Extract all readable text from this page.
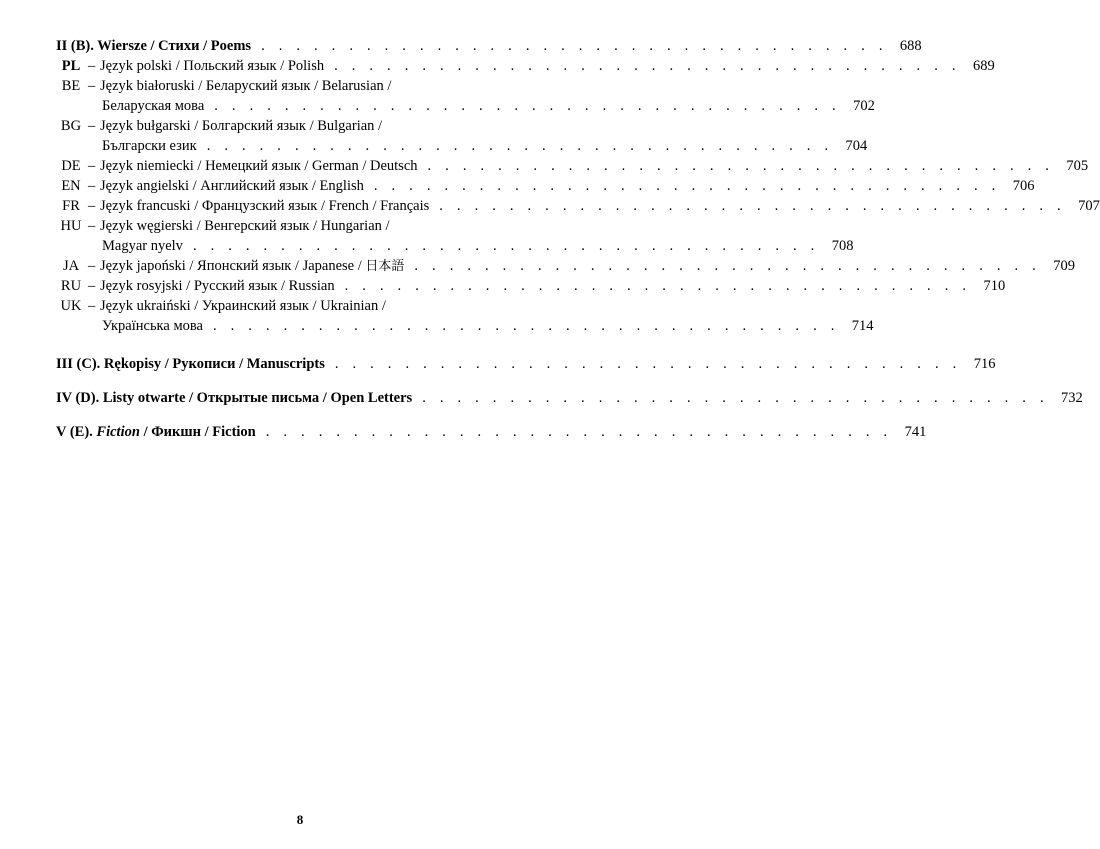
II (B). Wiersze / Стихи / Poems . . . . . . . . . . . . . . . . . . . . . . . . . . . . . . . . . . . . 688
PL – Język polski / Польский язык / Polish . . . . . . . . . . . . . . . . . . . . . . . . . . . . . . . . . . . . 689
BE – Język białoruski / Беларуский язык / Belarusian /
Беларуская мова . . . . . . . . . . . . . . . . . . . . . . . . . . . . . . . . . . . . 702
BG – Język bułgarski / Болгарский язык / Bulgarian /
Български език . . . . . . . . . . . . . . . . . . . . . . . . . . . . . . . . . . . . 704
DE – Język niemiecki / Немецкий язык / German / Deutsch . . . . . . . . . . . . . . . . . . . . . . . . . . . . . . . . . . . . 705
EN – Język angielski / Английский язык / English . . . . . . . . . . . . . . . . . . . . . . . . . . . . . . . . . . . . 706
FR – Język francuski / Французский язык / French / Français . . . . . . . . . . . . . . . . . . . . . . . . . . . . . . . . . . . . 707
HU – Język węgierski / Венгерский язык / Hungarian /
Magyar nyelv . . . . . . . . . . . . . . . . . . . . . . . . . . . . . . . . . . . . 708
JA – Język japoński / Японский язык / Japanese / 日本語 . . . . . . . . . . . . . . . . . . . . . . . . . . . . . . . . . . . . 709
RU – Język rosyjski / Русский язык / Russian . . . . . . . . . . . . . . . . . . . . . . . . . . . . . . . . . . . . 710
UK – Język ukraiński / Украинский язык / Ukrainian /
Українська мова . . . . . . . . . . . . . . . . . . . . . . . . . . . . . . . . . . . . 714
III (C). Rękopisy / Рукописи / Manuscripts . . . . . . . . . . . . . . . . . . . . . . . . . . . . . . . . . . . . 716
IV (D). Listy otwarte / Открытые письма / Open Letters . . . . . . . . . . . . . . . . . . . . . . . . . . . . . . . . . . . . 732
V (E). Fiction / Фикшн / Fiction . . . . . . . . . . . . . . . . . . . . . . . . . . . . . . . . . . . . 741
8
